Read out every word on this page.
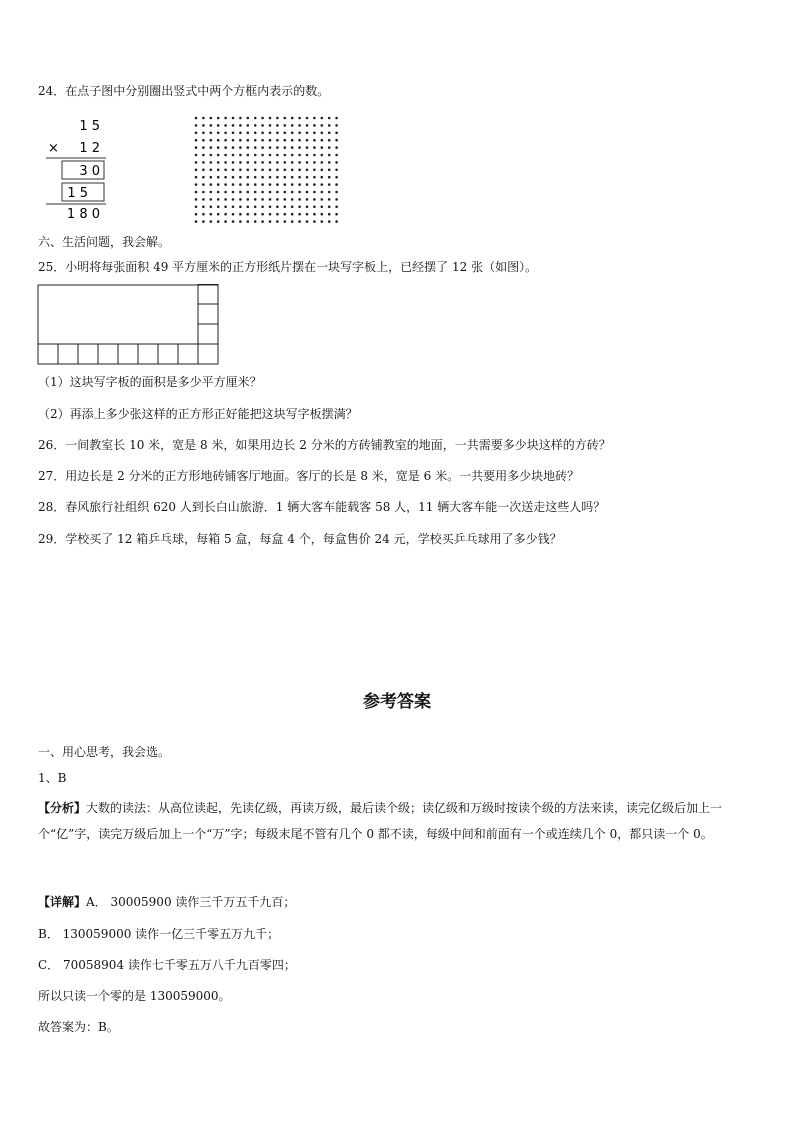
24．在点子图中分别圈出竖式中两个方框内表示的数。
1 5
× 1 2
3 0
1 5
1 8 0
六、生活问题，我会解。
25．小明将每张面积 49 平方厘米的正方形纸片摆在一块写字板上，已经摆了 12 张（如图）。
（1）这块写字板的面积是多少平方厘米？
（2）再添上多少张这样的正方形正好能把这块写字板摆满？
26．一间教室长 10 米，宽是 8 米，如果用边长 2 分米的方砖铺教室的地面，一共需要多少块这样的方砖？
27．用边长是 2 分米的正方形地砖铺客厅地面。客厅的长是 8 米，宽是 6 米。一共要用多少块地砖？
28．春风旅行社组织 620 人到长白山旅游．1 辆大客车能载客 58 人，11 辆大客车能一次送走这些人吗？
29．学校买了 12 箱乒乓球，每箱 5 盒，每盒 4 个，每盒售价 24 元，学校买乒乓球用了多少钱？
参考答案
一、用心思考，我会选。
1、B
【分析】大数的读法：从高位读起，先读亿级，再读万级，最后读个级；读亿级和万级时按读个级的方法来读，读完亿级后加上一个“亿”字，读完万级后加上一个“万”字；每级末尾不管有几个 0 都不读，每级中间和前面有一个或连续几个 0，都只读一个 0。
【详解】A． 30005900 读作三千万五千九百；
B． 130059000 读作一亿三千零五万九千；
C． 70058904 读作七千零五万八千九百零四；
所以只读一个零的是 130059000。
故答案为：B。
